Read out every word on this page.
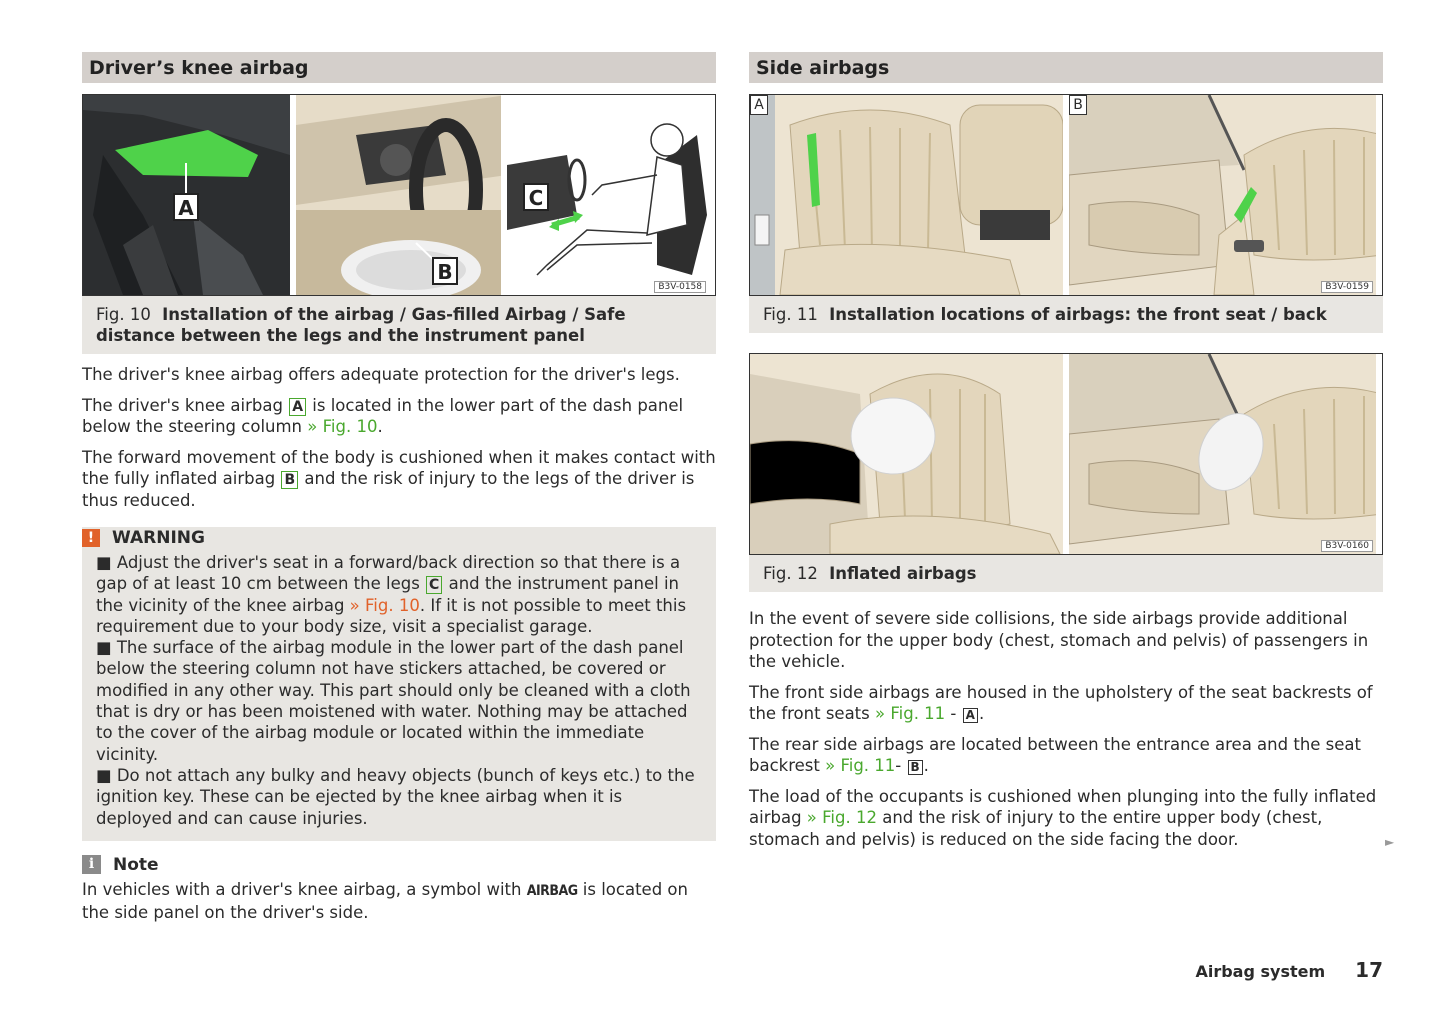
Driver’s knee airbag
A
B
C
B3V-0158
Fig. 10 Installation of the airbag / Gas-filled Airbag / Safe distance between the legs and the instrument panel

The driver's knee airbag offers adequate protection for the driver's legs.

The driver's knee airbag A is located in the lower part of the dash panel below the steering column » Fig. 10.

The forward movement of the body is cushioned when it makes contact with the fully inflated airbag B and the risk of injury to the legs of the driver is thus reduced.

!	WARNING
■ Adjust the driver's seat in a forward/back direction so that there is a gap of at least 10 cm between the legs C and the instrument panel in the vicinity of the knee airbag » Fig. 10. If it is not possible to meet this requirement due to your body size, visit a specialist garage.
■ The surface of the airbag module in the lower part of the dash panel below the steering column not have stickers attached, be covered or modified in any other way. This part should only be cleaned with a cloth that is dry or has been moistened with water. Nothing may be attached to the cover of the airbag module or located within the immediate vicinity.
■ Do not attach any bulky and heavy objects (bunch of keys etc.) to the ignition key. These can be ejected by the knee airbag when it is deployed and can cause injuries.
i	Note

In vehicles with a driver's knee airbag, a symbol with AIRBAG is located on the side panel on the driver's side.

Side airbags
A	B
B3V-0159
Fig. 11 Installation locations of airbags: the front seat / back
B3V-0160
Fig. 12 Inflated airbags

In the event of severe side collisions, the side airbags provide additional protection for the upper body (chest, stomach and pelvis) of passengers in the vehicle.

The front side airbags are housed in the upholstery of the seat backrests of the front seats » Fig. 11 - A .

The rear side airbags are located between the entrance area and the seat backrest » Fig. 11- B .

The load of the occupants is cushioned when plunging into the fully inflated airbag » Fig. 12 and the risk of injury to the entire upper body (chest, stomach and pelvis) is reduced on the side facing the door.	►
Airbag system 17
